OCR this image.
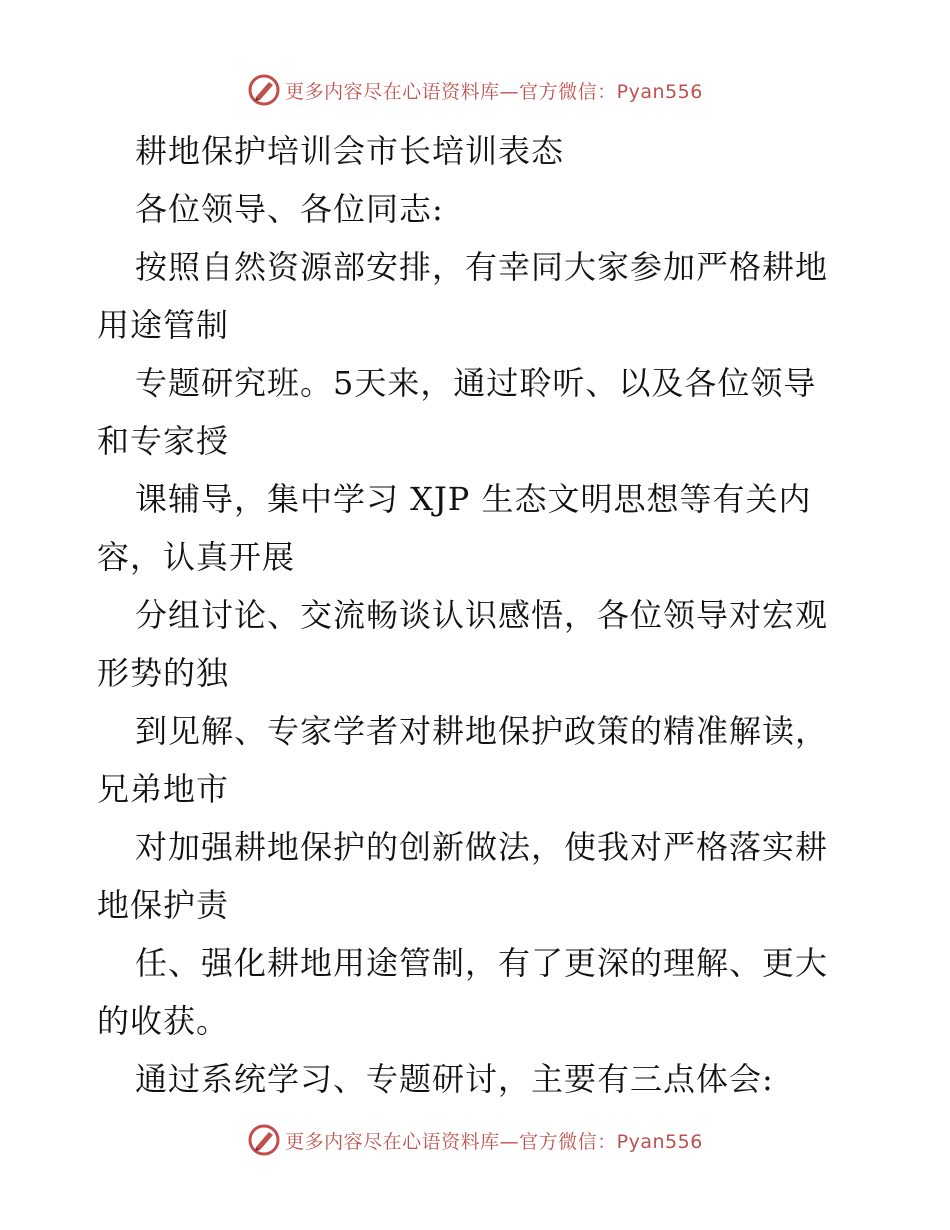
更多内容尽在心语资料库—官方微信：Pyan556
耕地保护培训会市长培训表态
各位领导、各位同志:
按照自然资源部安排，有幸同大家参加严格耕地
用途管制
专题研究班。5天来，通过聆听、以及各位领导
和专家授
课辅导，集中学习 XJP 生态文明思想等有关内
容，认真开展
分组讨论、交流畅谈认识感悟，各位领导对宏观
形势的独
到见解、专家学者对耕地保护政策的精准解读，
兄弟地市
对加强耕地保护的创新做法，使我对严格落实耕
地保护责
任、强化耕地用途管制，有了更深的理解、更大
的收获。
通过系统学习、专题研讨，主要有三点体会:
更多内容尽在心语资料库—官方微信：Pyan556
